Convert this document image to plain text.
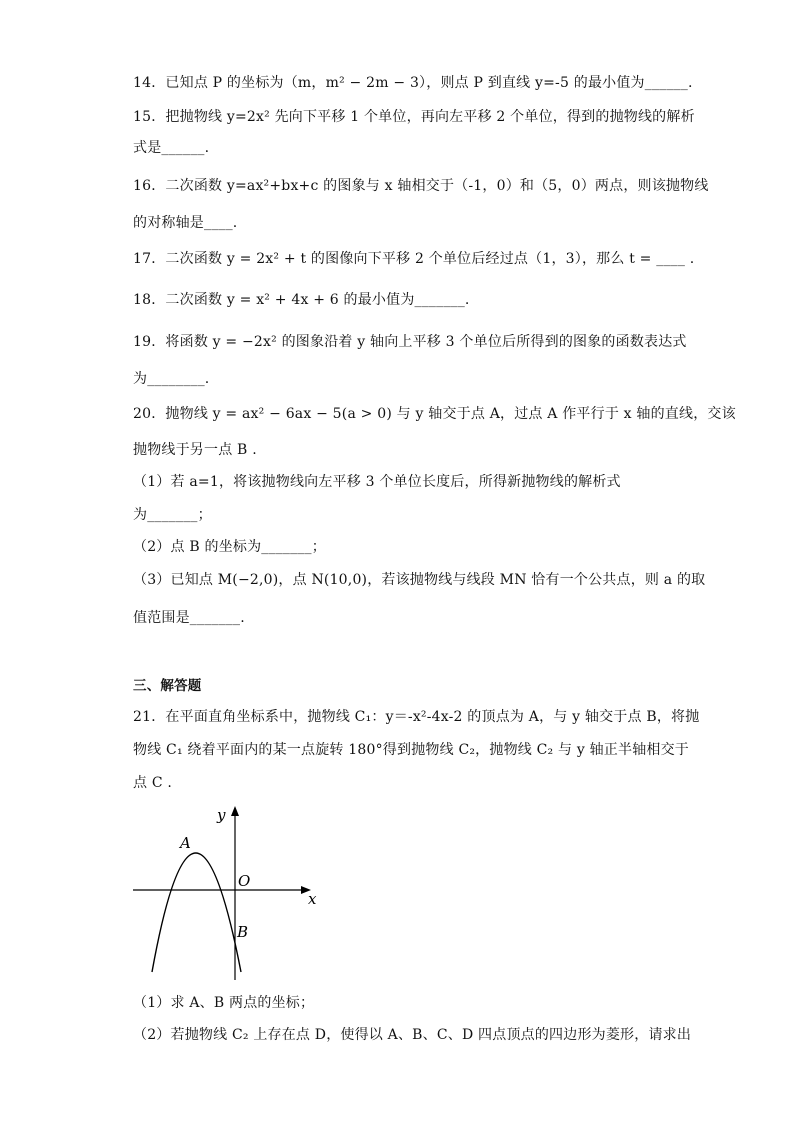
14．已知点 P 的坐标为（m，m² − 2m − 3），则点 P 到直线 y=-5 的最小值为______.
15．把抛物线 y=2x² 先向下平移 1 个单位，再向左平移 2 个单位，得到的抛物线的解析
式是______.
16．二次函数 y=ax²+bx+c 的图象与 x 轴相交于（-1，0）和（5，0）两点，则该抛物线
的对称轴是____.
17．二次函数 y = 2x² + t 的图像向下平移 2 个单位后经过点（1，3），那么 t = ____ .
18．二次函数 y = x² + 4x + 6 的最小值为_______.
19．将函数 y = −2x² 的图象沿着 y 轴向上平移 3 个单位后所得到的图象的函数表达式
为________.
20．抛物线 y = ax² − 6ax − 5(a > 0) 与 y 轴交于点 A，过点 A 作平行于 x 轴的直线，交该
抛物线于另一点 B .
（1）若 a=1，将该抛物线向左平移 3 个单位长度后，所得新抛物线的解析式
为_______；
（2）点 B 的坐标为_______；
（3）已知点 M(−2,0)，点 N(10,0)，若该抛物线与线段 MN 恰有一个公共点，则 a 的取
值范围是_______.
三、解答题
21．在平面直角坐标系中，抛物线 C₁：y＝-x²-4x-2 的顶点为 A，与 y 轴交于点 B，将抛
物线 C₁ 绕着平面内的某一点旋转 180°得到抛物线 C₂，抛物线 C₂ 与 y 轴正半轴相交于
点 C .
y
x
O
A
B
（1）求 A、B 两点的坐标；
（2）若抛物线 C₂ 上存在点 D，使得以 A、B、C、D 四点顶点的四边形为菱形，请求出
